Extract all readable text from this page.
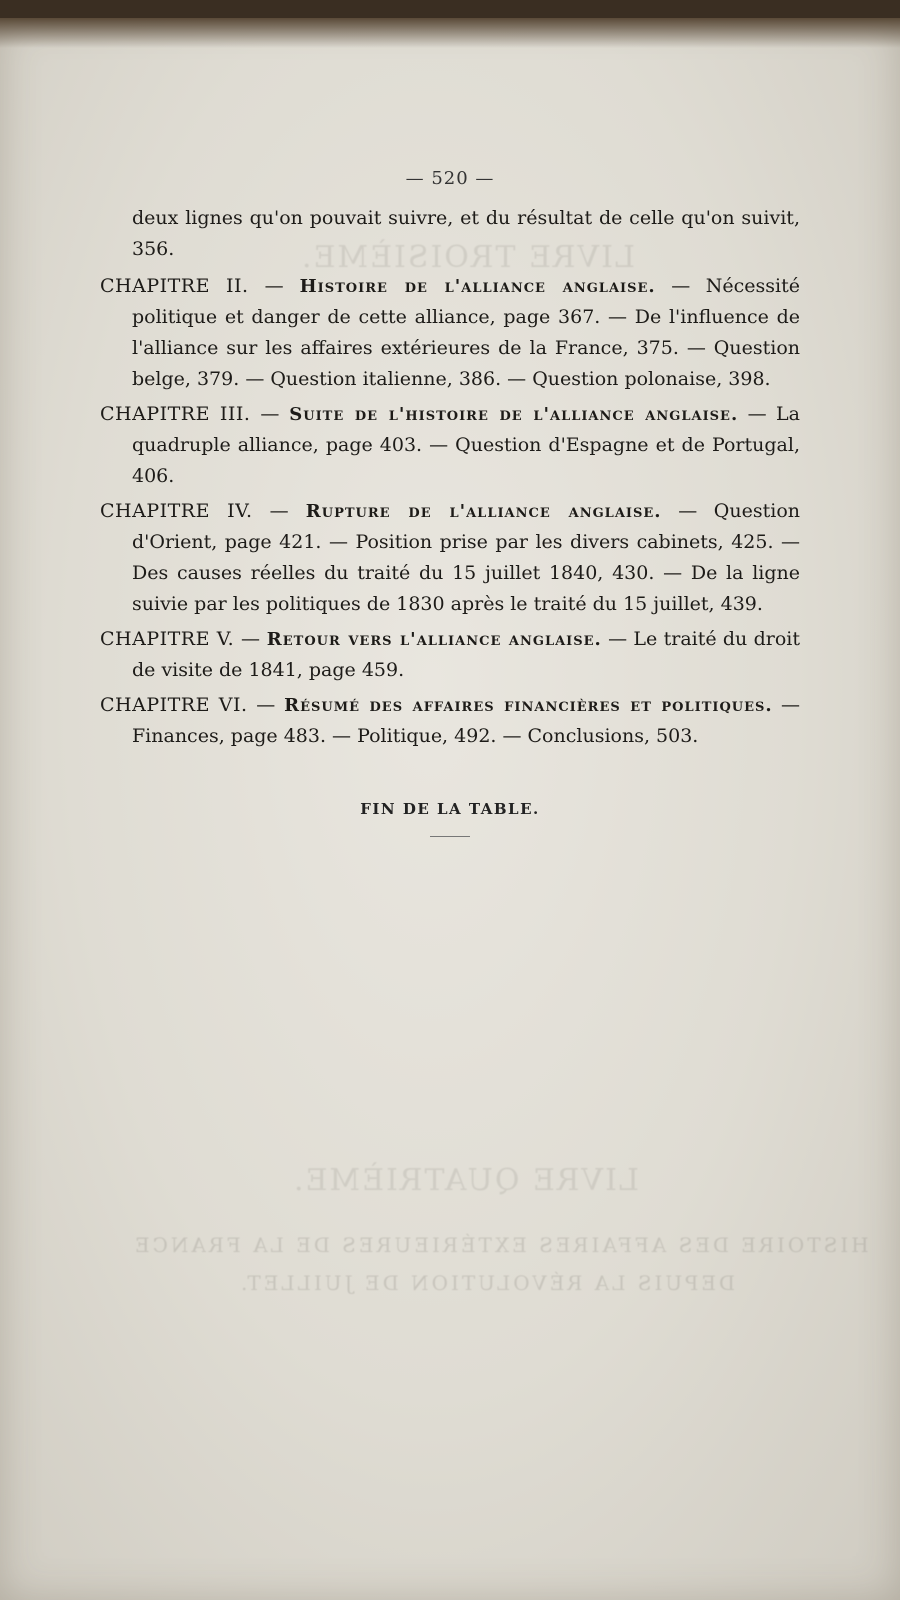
LIVRE TROISIÈME.
LIVRE QUATRIÈME.
HISTOIRE DES AFFAIRES EXTÉRIEURES DE LA FRANCE
DEPUIS LA RÉVOLUTION DE JUILLET.
— 520 —

deux lignes qu'on pouvait suivre, et du résultat de celle qu'on suivit, 356.

CHAPITRE II. — Histoire de l'alliance anglaise. — Nécessité politique et danger de cette alliance, page 367. — De l'influence de l'alliance sur les affaires extérieures de la France, 375. — Question belge, 379. — Question italienne, 386. — Question polonaise, 398.

CHAPITRE III. — Suite de l'histoire de l'alliance anglaise. — La quadruple alliance, page 403. — Question d'Espagne et de Portugal, 406.

CHAPITRE IV. — Rupture de l'alliance anglaise. — Question d'Orient, page 421. — Position prise par les divers cabinets, 425. — Des causes réelles du traité du 15 juillet 1840, 430. — De la ligne suivie par les politiques de 1830 après le traité du 15 juillet, 439.

CHAPITRE V. — Retour vers l'alliance anglaise. — Le traité du droit de visite de 1841, page 459.

CHAPITRE VI. — Résumé des affaires financières et politiques. — Finances, page 483. — Politique, 492. — Conclusions, 503.

FIN DE LA TABLE.
